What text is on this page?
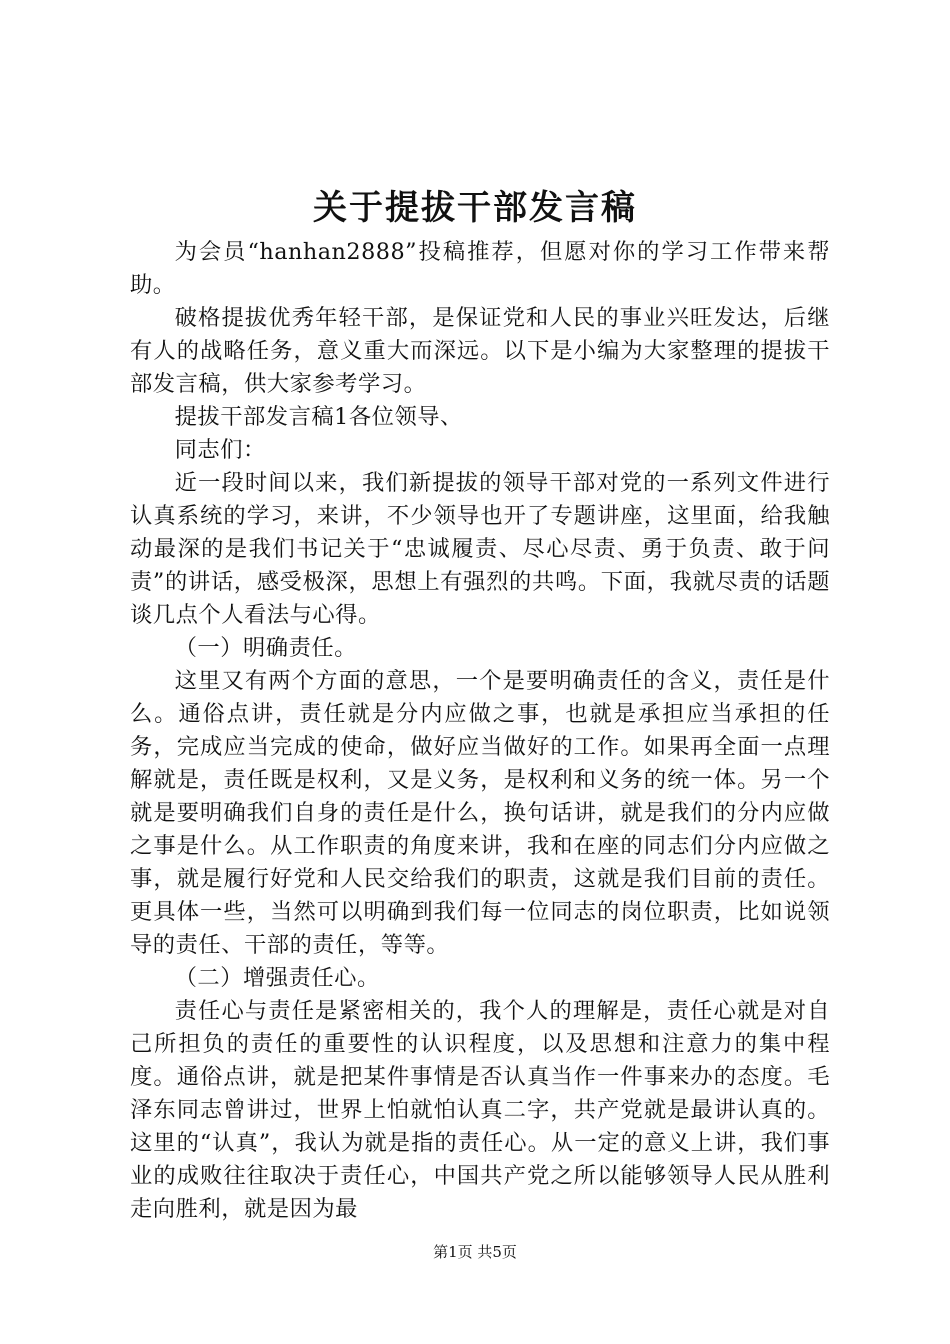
关于提拔干部发言稿

为会员“hanhan2888”投稿推荐，但愿对你的学习工作带来帮助。

破格提拔优秀年轻干部，是保证党和人民的事业兴旺发达，后继有人的战略任务，意义重大而深远。以下是小编为大家整理的提拔干部发言稿，供大家参考学习。

提拔干部发言稿1各位领导、

同志们：

近一段时间以来，我们新提拔的领导干部对党的一系列文件进行认真系统的学习，来讲，不少领导也开了专题讲座，这里面，给我触动最深的是我们书记关于“忠诚履责、尽心尽责、勇于负责、敢于问责”的讲话，感受极深，思想上有强烈的共鸣。下面，我就尽责的话题谈几点个人看法与心得。

（一）明确责任。

这里又有两个方面的意思，一个是要明确责任的含义，责任是什么。通俗点讲，责任就是分内应做之事，也就是承担应当承担的任务，完成应当完成的使命，做好应当做好的工作。如果再全面一点理解就是，责任既是权利，又是义务，是权利和义务的统一体。另一个就是要明确我们自身的责任是什么，换句话讲，就是我们的分内应做之事是什么。从工作职责的角度来讲，我和在座的同志们分内应做之事，就是履行好党和人民交给我们的职责，这就是我们目前的责任。更具体一些，当然可以明确到我们每一位同志的岗位职责，比如说领导的责任、干部的责任，等等。

（二）增强责任心。

责任心与责任是紧密相关的，我个人的理解是，责任心就是对自己所担负的责任的重要性的认识程度，以及思想和注意力的集中程度。通俗点讲，就是把某件事情是否认真当作一件事来办的态度。毛泽东同志曾讲过，世界上怕就怕认真二字，共产党就是最讲认真的。这里的“认真”，我认为就是指的责任心。从一定的意义上讲，我们事业的成败往往取决于责任心，中国共产党之所以能够领导人民从胜利走向胜利，就是因为最

第1页 共5页
